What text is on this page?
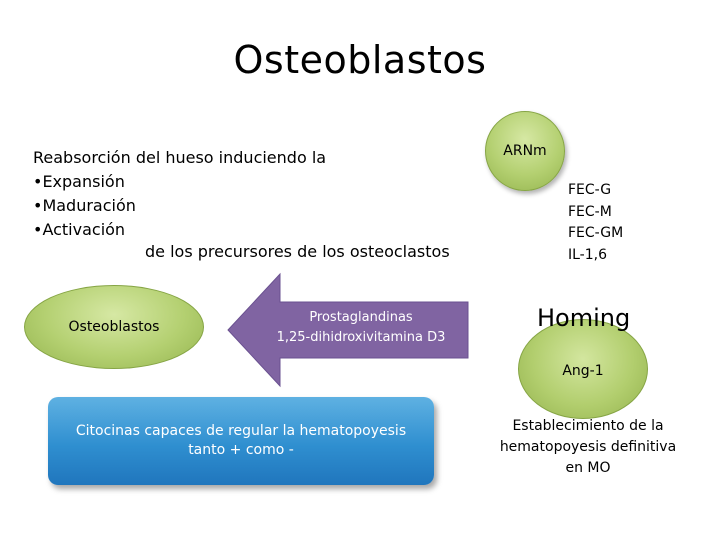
Osteoblastos
Reabsorción del hueso induciendo la
•Expansión
•Maduración
•Activación
de los precursores de los osteoclastos
Osteoblastos
Prostaglandinas
1,25-dihidroxivitamina D3
Citocinas capaces de regular la hematopoyesis
tanto + como -
ARNm
FEC-G
FEC-M
FEC-GM
IL-1,6
Ang-1
Homing
Establecimiento de la
hematopoyesis definitiva
en MO
